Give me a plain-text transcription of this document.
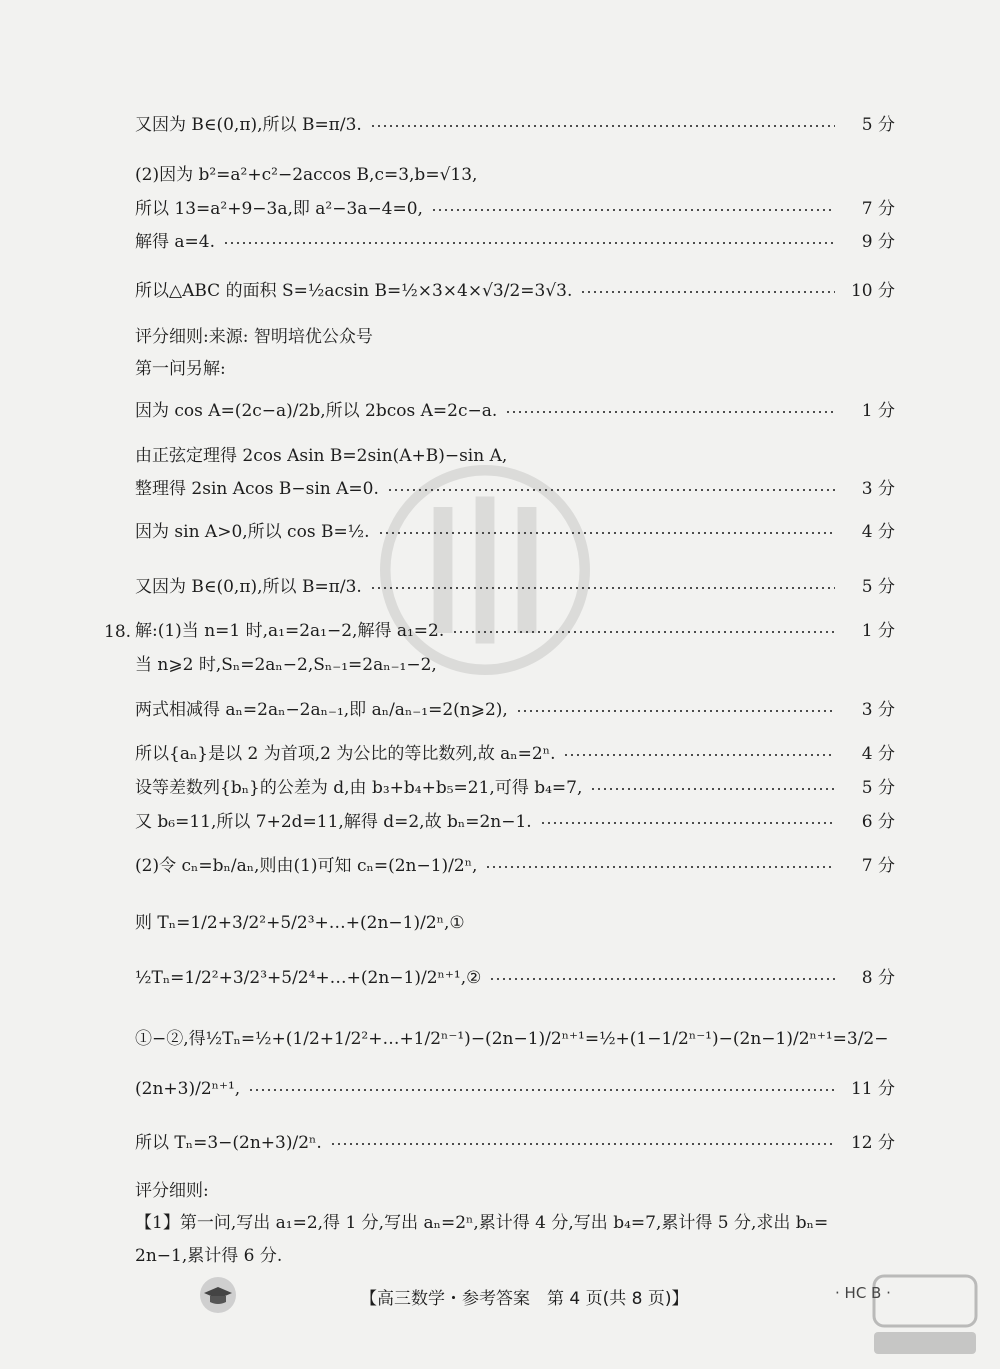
18.
又因为 B∈(0,π),所以 B=π/3.	5 分
(2)因为 b²=a²+c²−2accos B,c=3,b=√13,
所以 13=a²+9−3a,即 a²−3a−4=0,	7 分
解得 a=4.	9 分
所以△ABC 的面积 S=½acsin B=½×3×4×√3/2=3√3.	10 分
评分细则:来源: 智明培优公众号
第一问另解:
因为 cos A=(2c−a)/2b,所以 2bcos A=2c−a.	1 分
由正弦定理得 2cos Asin B=2sin(A+B)−sin A,
整理得 2sin Acos B−sin A=0.	3 分
因为 sin A>0,所以 cos B=½.	4 分
又因为 B∈(0,π),所以 B=π/3.	5 分
解:(1)当 n=1 时,a₁=2a₁−2,解得 a₁=2.	1 分
当 n⩾2 时,Sₙ=2aₙ−2,Sₙ₋₁=2aₙ₋₁−2,
两式相减得 aₙ=2aₙ−2aₙ₋₁,即 aₙ/aₙ₋₁=2(n⩾2),	3 分
所以{aₙ}是以 2 为首项,2 为公比的等比数列,故 aₙ=2ⁿ.	4 分
设等差数列{bₙ}的公差为 d,由 b₃+b₄+b₅=21,可得 b₄=7,	5 分
又 b₆=11,所以 7+2d=11,解得 d=2,故 bₙ=2n−1.	6 分
(2)令 cₙ=bₙ/aₙ,则由(1)可知 cₙ=(2n−1)/2ⁿ,	7 分
则 Tₙ=1/2+3/2²+5/2³+…+(2n−1)/2ⁿ,①
½Tₙ=1/2²+3/2³+5/2⁴+…+(2n−1)/2ⁿ⁺¹,②	8 分
①−②,得½Tₙ=½+(1/2+1/2²+…+1/2ⁿ⁻¹)−(2n−1)/2ⁿ⁺¹=½+(1−1/2ⁿ⁻¹)−(2n−1)/2ⁿ⁺¹=3/2−
(2n+3)/2ⁿ⁺¹,	11 分
所以 Tₙ=3−(2n+3)/2ⁿ.	12 分
评分细则:
【1】第一问,写出 a₁=2,得 1 分,写出 aₙ=2ⁿ,累计得 4 分,写出 b₄=7,累计得 5 分,求出 bₙ=
2n−1,累计得 6 分.
【高三数学・参考答案　第 4 页(共 8 页)】	· HC B ·
